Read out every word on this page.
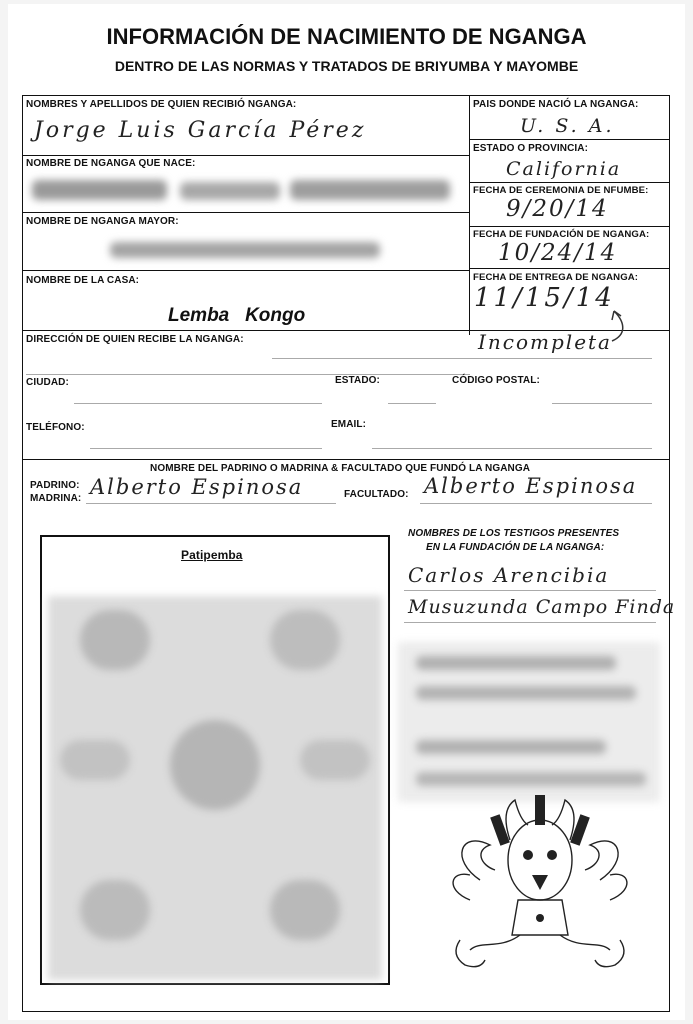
INFORMACIÓN DE NACIMIENTO DE NGANGA
DENTRO DE LAS NORMAS Y TRATADOS DE BRIYUMBA Y MAYOMBE
NOMBRES Y APELLIDOS DE QUIEN RECIBIÓ NGANGA:
Jorge Luis García Pérez
NOMBRE DE NGANGA QUE NACE:
NOMBRE DE NGANGA MAYOR:
NOMBRE DE LA CASA:
Lemba   Kongo
PAIS DONDE NACIÓ LA NGANGA:
U. S. A.
ESTADO O PROVINCIA:
California
FECHA DE CEREMONIA DE NFUMBE:
9/20/14
FECHA DE FUNDACIÓN DE NGANGA:
10/24/14
FECHA DE ENTREGA DE NGANGA:
11/15/14
Incompleta
DIRECCIÓN DE QUIEN RECIBE LA NGANGA:
CIUDAD:	ESTADO:	CÓDIGO POSTAL:
TELÉFONO:	EMAIL:
NOMBRE DEL PADRINO O MADRINA & FACULTADO QUE FUNDÓ LA NGANGA
PADRINO:
MADRINA: Alberto Espinosa	FACULTADO: Alberto Espinosa
Patipemba
NOMBRES DE LOS TESTIGOS PRESENTES
EN LA FUNDACIÓN DE LA NGANGA:
Carlos Arencibia
Musuzunda Campo Finda
